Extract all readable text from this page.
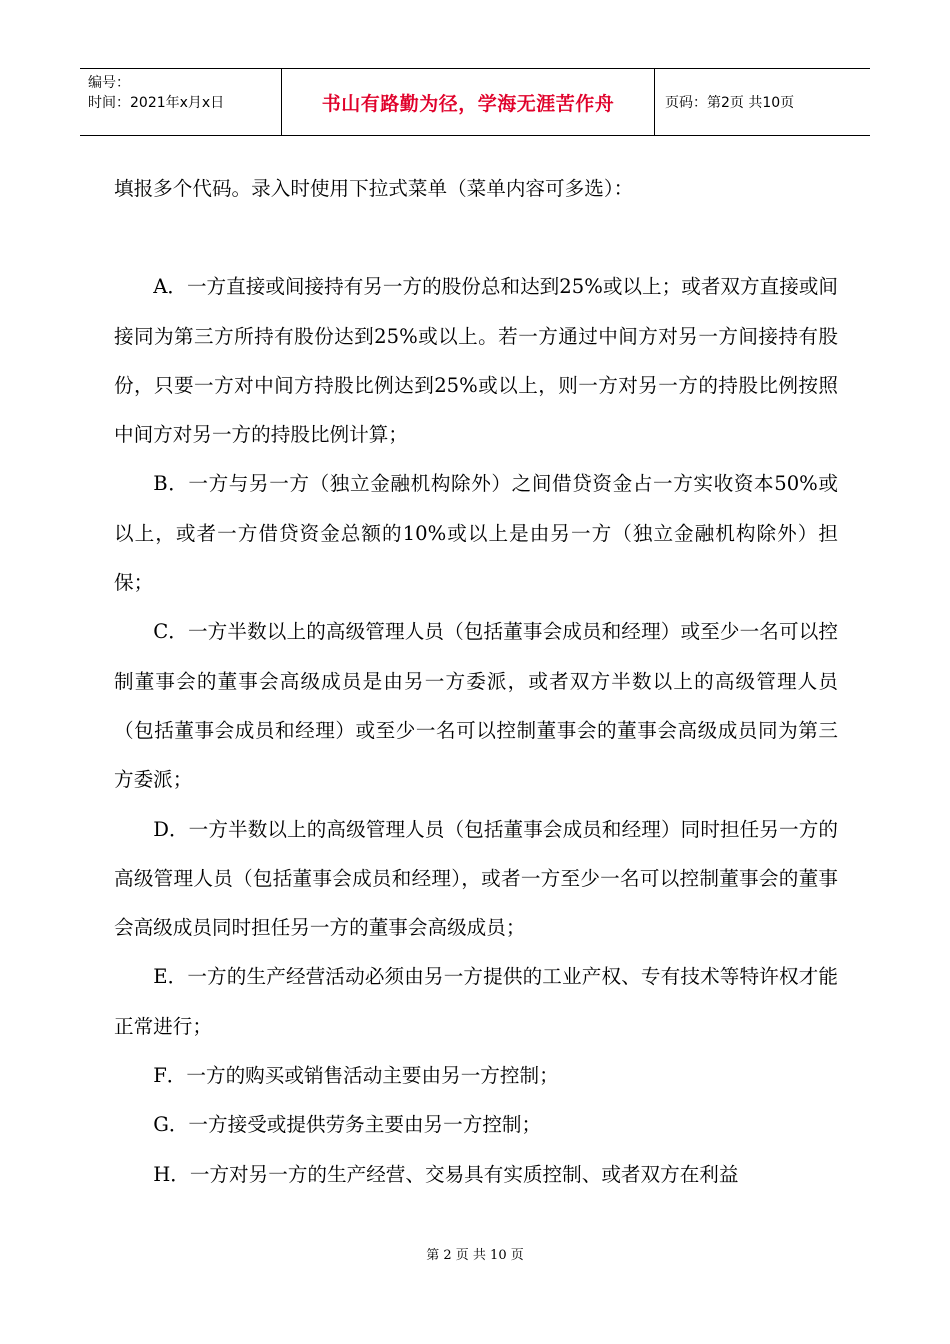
编号：
时间：2021年x月x日	书山有路勤为径，学海无涯苦作舟	页码：第2页 共10页

填报多个代码。录入时使用下拉式菜单（菜单内容可多选）：

A．一方直接或间接持有另一方的股份总和达到25%或以上；或者双方直接或间接同为第三方所持有股份达到25%或以上。若一方通过中间方对另一方间接持有股份，只要一方对中间方持股比例达到25%或以上，则一方对另一方的持股比例按照中间方对另一方的持股比例计算；

B．一方与另一方（独立金融机构除外）之间借贷资金占一方实收资本50%或以上，或者一方借贷资金总额的10%或以上是由另一方（独立金融机构除外）担保；

C．一方半数以上的高级管理人员（包括董事会成员和经理）或至少一名可以控制董事会的董事会高级成员是由另一方委派，或者双方半数以上的高级管理人员（包括董事会成员和经理）或至少一名可以控制董事会的董事会高级成员同为第三方委派；

D．一方半数以上的高级管理人员（包括董事会成员和经理）同时担任另一方的高级管理人员（包括董事会成员和经理），或者一方至少一名可以控制董事会的董事会高级成员同时担任另一方的董事会高级成员；

E．一方的生产经营活动必须由另一方提供的工业产权、专有技术等特许权才能正常进行；

F．一方的购买或销售活动主要由另一方控制；

G．一方接受或提供劳务主要由另一方控制；

H．一方对另一方的生产经营、交易具有实质控制、或者双方在利益

第 2 页 共 10 页
